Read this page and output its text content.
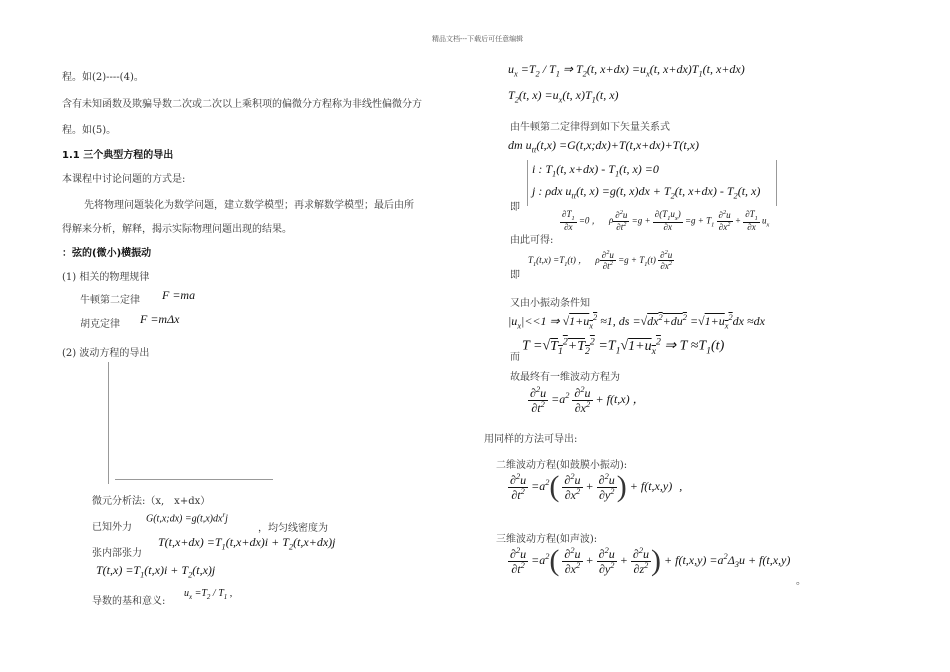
精品文档---下载后可任意编辑
程。如(2)----(4)。
含有未知函数及欺骗导数二次或二次以上乘积项的偏微分方程称为非线性偏微分方
程。如(5)。
1.1 三个典型方程的导出
本课程中讨论问题的方式是:
先将物理问题装化为数学问题，建立数学模型；再求解数学模型；最后由所
得解来分析，解释，揭示实际物理问题出现的结果。
：弦的(微小)横振动
(1) 相关的物理规律
牛顿第二定律 F =ma
胡克定律 F =mΔx
(2) 波动方程的导出
微元分析法:（x,　x+dx）
已知外力
G(t,x;dx) $=g(t,x)dx^rj$
，均匀线密度为
张内部张力
$T(t,x+dx) =T_1(t,x+dx)i + T_2(t,x+dx)j$
$T(t,x) =T_1(t,x)i + T_2(t,x)j$
导数的基和意义:
$u_x =T_2 / T_1$ ,
$u_x =T_2 / T_1$ ⇒ $T_2(t$, $x+dx) =u_x(t$, $x+dx)T_1(t$, x+dx)
$T_2(t$, $x) =u_x(t$, $x)T_1(t$, x)
由牛顿第二定律得到如下矢量关系式
dm $u_{tt}(t,x)$ =G(t,x;dx)+T(t,x+dx)+T(t,x)
i : $T_1(t$, $x+dx) - T_1(t$, x) =0
j : ρdx $u_{tt}(t$, x) =g(t, $x)dx + T_2(t$, $x+dx) - T_2(t$, x)
即
由此可得:
$\frac{\partial T_1}{\partial x} =0$ ， ρ $\frac{\partial^2u}{\partial t^2} =g + \frac{\partial(T_1u_x)}{\partial x} =g + T_1 \frac{\partial^2u}{\partial x^2} + \frac{\partial T_1}{\partial x} u_x$
即
$T_1(t,x) =T_1(t)$ ， ρ $\frac{\partial^2u}{\partial t^2} =g + T_1(t) \frac{\partial^2u}{\partial x^2}$
又由小振动条件知
$|u_x|<<1$ ⇒ $√1+u_x^2 \approx 1$, ds $=√dx^2+du^2 =√1+u_x^2dx \approx dx$
而
$T =√T_1^2+T_2^2 =T_1√1+u_x^2$ ⇒ $T \approx T_1(t)$
故最终有一维波动方程为
$\frac{\partial^2u}{\partial t^2} =a^2 \frac{\partial^2u}{\partial x^2} + f(t,x)$ ，
用同样的方法可导出:
二维波动方程(如鼓膜小振动):
$\frac{\partial^2u}{\partial t^2} =a^2( \frac{\partial^2u}{\partial x^2} + \frac{\partial^2u}{\partial y^2}$ ) + f(t,x,y) ,
三维波动方程(如声波):
$\frac{\partial^2u}{\partial t^2} =a^2( \frac{\partial^2u}{\partial x^2} + \frac{\partial^2u}{\partial y^2} + \frac{\partial^2u}{\partial z^2}$ ) + $f(t,x,y) =a^2\Delta_3u + f(t,x,y)$
。
